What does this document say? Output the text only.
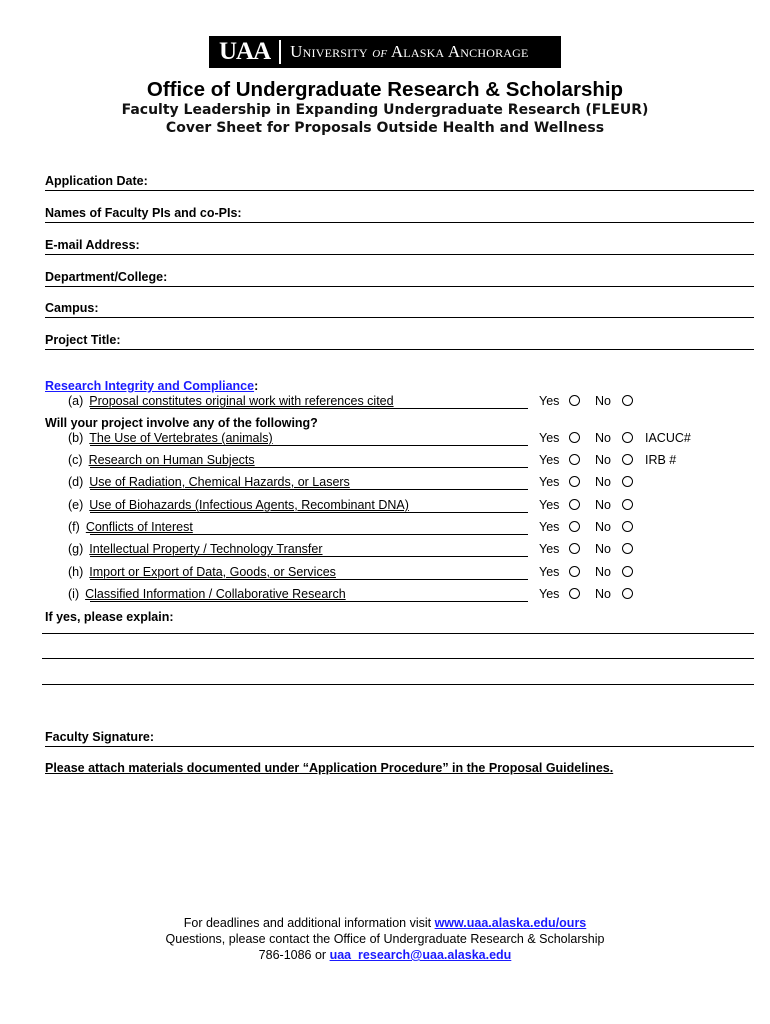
UAA	University of Alaska Anchorage
Office of Undergraduate Research & Scholarship
Faculty Leadership in Expanding Undergraduate Research (FLEUR)
Cover Sheet for Proposals Outside Health and Wellness
Application Date:
Names of Faculty PIs and co-PIs:
E-mail Address:
Department/College:
Campus:
Project Title:
Research Integrity and Compliance:
Will your project involve any of the following?
(a) Proposal constitutes original work with references cited	Yes	No
(b) The Use of Vertebrates (animals)	Yes	No	IACUC#
(c) Research on Human Subjects	Yes	No	IRB #
(d) Use of Radiation, Chemical Hazards, or Lasers	Yes	No
(e) Use of Biohazards (Infectious Agents, Recombinant DNA)	Yes	No
(f) Conflicts of Interest	Yes	No
(g) Intellectual Property / Technology Transfer	Yes	No
(h) Import or Export of Data, Goods, or Services	Yes	No
(i) Classified Information / Collaborative Research	Yes	No
If yes, please explain:
Faculty Signature:
Please attach materials documented under “Application Procedure” in the Proposal Guidelines.
For deadlines and additional information visit www.uaa.alaska.edu/ours
Questions, please contact the Office of Undergraduate Research & Scholarship
786-1086 or uaa_research@uaa.alaska.edu
